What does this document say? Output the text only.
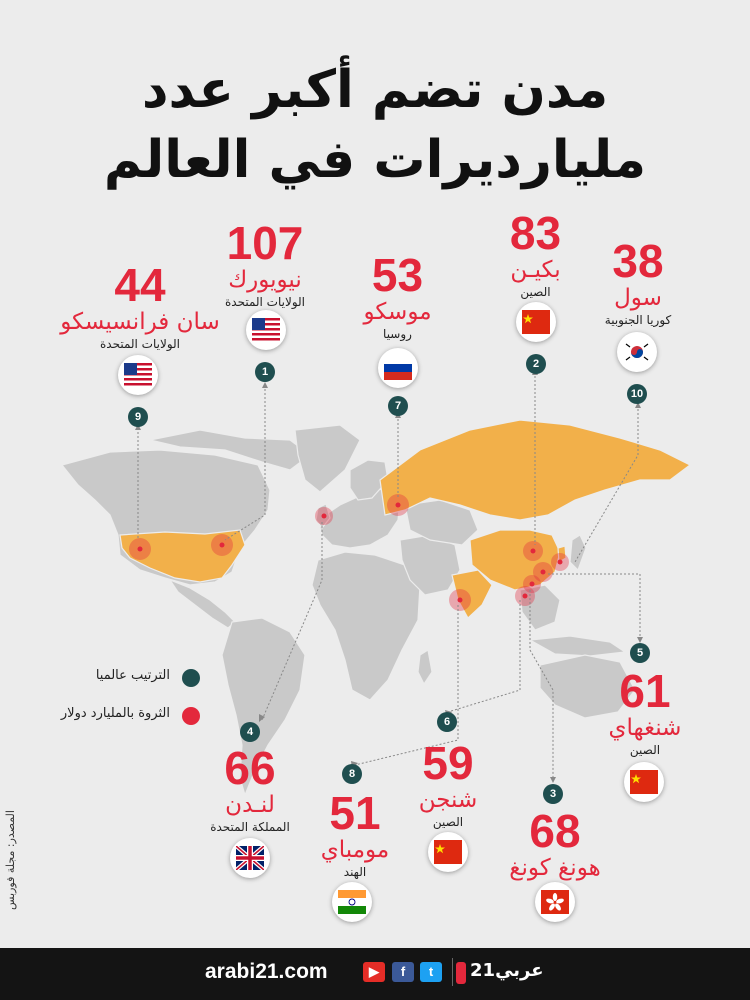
مدن تضم أكبر عدد
مليارديرات في العالم
107
نيويورك
الولايات المتحدة
1
83
بكيـن
الصين
2
38
سول
كوريا الجنوبية
10
53
موسكو
روسيا
7
44
سان فرانسيسكو
الولايات المتحدة
9
الترتيب عالميا
الثروة بالمليارد دولار
5
61
شنغهاي
الصين
4
66
لنـدن
المملكة المتحدة
6
59
شنجن
الصين
8
51
مومباي
الهند
3
68
هونغ كونغ
المصدر: مجلة فوربس
arabi21.com	▶	f	t	عربي21
